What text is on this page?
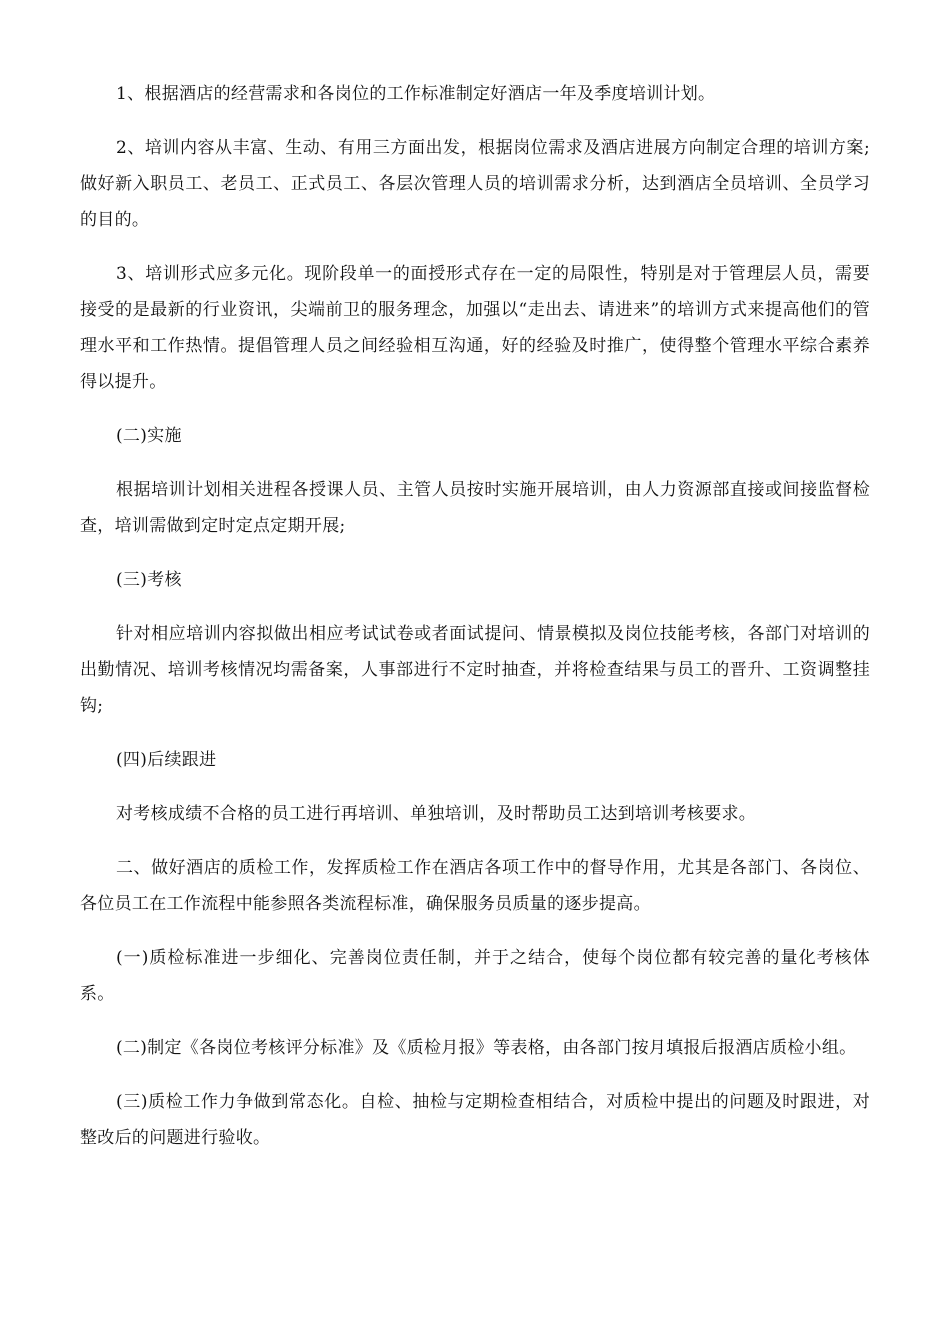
1、根据酒店的经营需求和各岗位的工作标准制定好酒店一年及季度培训计划。

2、培训内容从丰富、生动、有用三方面出发，根据岗位需求及酒店进展方向制定合理的培训方案;做好新入职员工、老员工、正式员工、各层次管理人员的培训需求分析，达到酒店全员培训、全员学习的目的。

3、培训形式应多元化。现阶段单一的面授形式存在一定的局限性，特别是对于管理层人员，需要接受的是最新的行业资讯，尖端前卫的服务理念，加强以“走出去、请进来”的培训方式来提高他们的管理水平和工作热情。提倡管理人员之间经验相互沟通，好的经验及时推广，使得整个管理水平综合素养得以提升。

(二)实施

根据培训计划相关进程各授课人员、主管人员按时实施开展培训，由人力资源部直接或间接监督检查，培训需做到定时定点定期开展;

(三)考核

针对相应培训内容拟做出相应考试试卷或者面试提问、情景模拟及岗位技能考核，各部门对培训的出勤情况、培训考核情况均需备案，人事部进行不定时抽查，并将检查结果与员工的晋升、工资调整挂钩;

(四)后续跟进

对考核成绩不合格的员工进行再培训、单独培训，及时帮助员工达到培训考核要求。

二、做好酒店的质检工作，发挥质检工作在酒店各项工作中的督导作用，尤其是各部门、各岗位、各位员工在工作流程中能参照各类流程标准，确保服务员质量的逐步提高。

(一)质检标准进一步细化、完善岗位责任制，并于之结合，使每个岗位都有较完善的量化考核体系。

(二)制定《各岗位考核评分标准》及《质检月报》等表格，由各部门按月填报后报酒店质检小组。

(三)质检工作力争做到常态化。自检、抽检与定期检查相结合，对质检中提出的问题及时跟进，对整改后的问题进行验收。
